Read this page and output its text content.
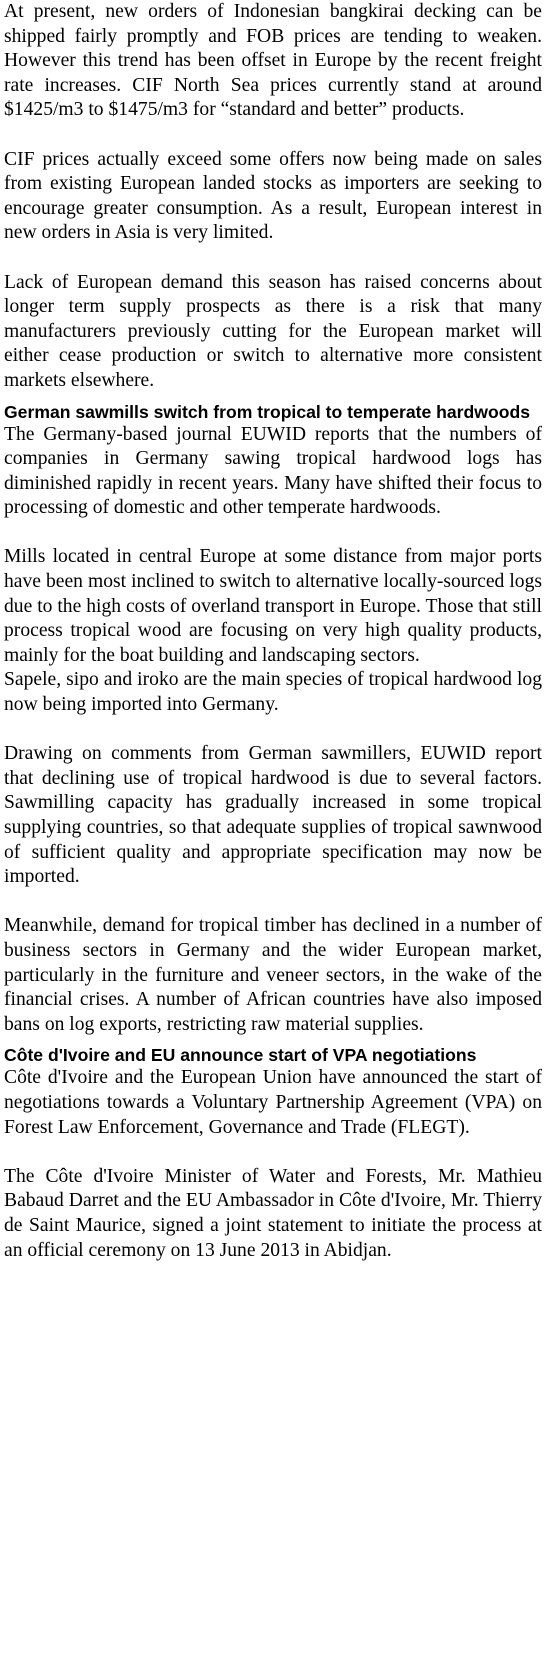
At present, new orders of Indonesian bangkirai decking can be shipped fairly promptly and FOB prices are tending to weaken. However this trend has been offset in Europe by the recent freight rate increases. CIF North Sea prices currently stand at around $1425/m3 to $1475/m3 for “standard and better” products.

CIF prices actually exceed some offers now being made on sales from existing European landed stocks as importers are seeking to encourage greater consumption. As a result, European interest in new orders in Asia is very limited.

Lack of European demand this season has raised concerns about longer term supply prospects as there is a risk that many manufacturers previously cutting for the European market will either cease production or switch to alternative more consistent markets elsewhere.

German sawmills switch from tropical to temperate hardwoods

The Germany-based journal EUWID reports that the numbers of companies in Germany sawing tropical hardwood logs has diminished rapidly in recent years. Many have shifted their focus to processing of domestic and other temperate hardwoods.

Mills located in central Europe at some distance from major ports have been most inclined to switch to alternative locally-sourced logs due to the high costs of overland transport in Europe. Those that still process tropical wood are focusing on very high quality products, mainly for the boat building and landscaping sectors.

Sapele, sipo and iroko are the main species of tropical hardwood log now being imported into Germany.

Drawing on comments from German sawmillers, EUWID report that declining use of tropical hardwood is due to several factors. Sawmilling capacity has gradually increased in some tropical supplying countries, so that adequate supplies of tropical sawnwood of sufficient quality and appropriate specification may now be imported.

Meanwhile, demand for tropical timber has declined in a number of business sectors in Germany and the wider European market, particularly in the furniture and veneer sectors, in the wake of the financial crises. A number of African countries have also imposed bans on log exports, restricting raw material supplies.

Côte d'Ivoire and EU announce start of VPA negotiations

Côte d'Ivoire and the European Union have announced the start of negotiations towards a Voluntary Partnership Agreement (VPA) on Forest Law Enforcement, Governance and Trade (FLEGT).

The Côte d'Ivoire Minister of Water and Forests, Mr. Mathieu Babaud Darret and the EU Ambassador in Côte d'Ivoire, Mr. Thierry de Saint Maurice, signed a joint statement to initiate the process at an official ceremony on 13 June 2013 in Abidjan.
